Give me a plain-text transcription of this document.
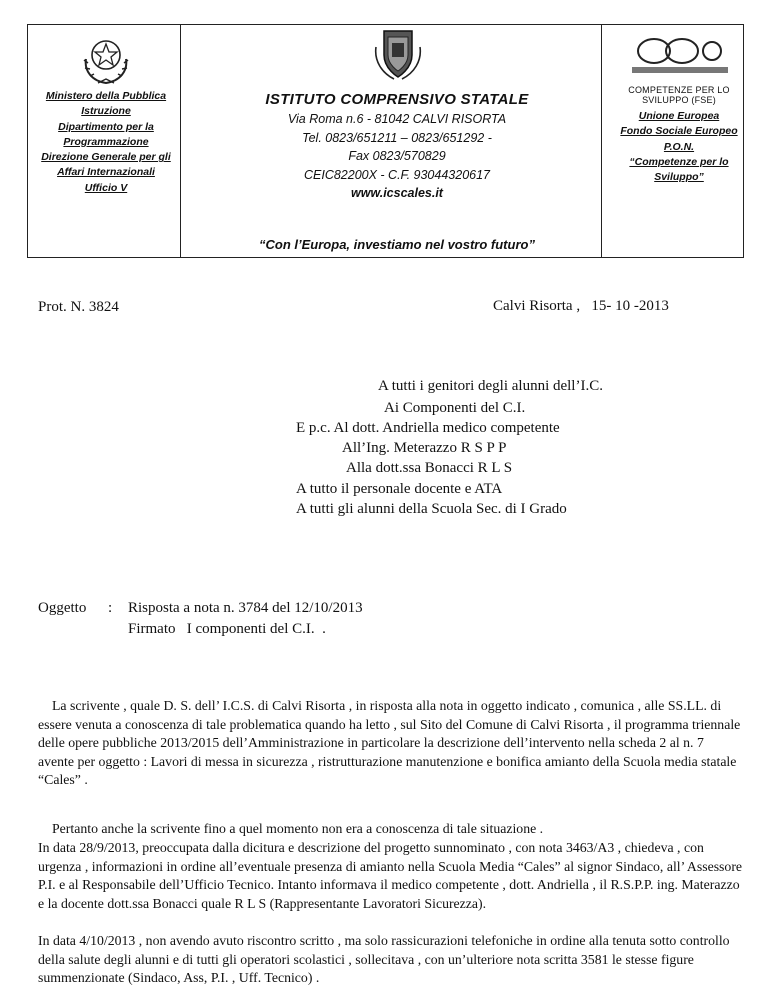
Ministero della Pubblica
Istruzione
Dipartimento per la
Programmazione
Direzione Generale per gli
Affari Internazionali
Ufficio V
ISTITUTO COMPRENSIVO STATALE
Via Roma n.6 - 81042 CALVI RISORTA
Tel. 0823/651211 – 0823/651292 -
Fax 0823/570829
CEIC82200X - C.F. 93044320617
www.icscales.it
“Con l’Europa, investiamo nel vostro futuro”
COMPETENZE PER LO SVILUPPO (FSE)
Unione Europea
Fondo Sociale Europeo
P.O.N.
“Competenze per lo
Sviluppo”
Prot. N. 3824	Calvi Risorta ,   15- 10 -2013
A tutti i genitori degli alunni dell’I.C.
Ai Componenti del C.I.
E p.c. Al dott. Andriella medico competente
All’Ing. Meterazzo R S P P
Alla dott.ssa Bonacci R L S
A tutto il personale docente e ATA
A tutti gli alunni della Scuola Sec. di I Grado
Oggetto : Risposta a nota n. 3784 del 12/10/2013
Firmato   I componenti del C.I.  .
La scrivente , quale D. S. dell’ I.C.S. di Calvi Risorta , in risposta alla nota in oggetto indicato , comunica , alle SS.LL. di essere venuta a conoscenza di tale problematica quando ha letto , sul Sito del Comune di Calvi Risorta , il programma triennale delle opere pubbliche 2013/2015 dell’Amministrazione in particolare la descrizione dell’intervento nella scheda 2 al n. 7 avente per oggetto : Lavori di messa in sicurezza , ristrutturazione manutenzione e bonifica amianto della Scuola media statale “Cales” .
Pertanto anche la scrivente fino a quel momento non era a conoscenza di tale situazione .
In data 28/9/2013, preoccupata dalla dicitura e descrizione del progetto sunnominato , con nota 3463/A3 , chiedeva , con urgenza , informazioni in ordine all’eventuale presenza di amianto nella Scuola Media “Cales” al signor Sindaco, all’ Assessore P.I. e al Responsabile dell’Ufficio Tecnico. Intanto informava il medico competente , dott. Andriella , il R.S.P.P. ing. Materazzo e la docente dott.ssa Bonacci quale R L S (Rappresentante Lavoratori Sicurezza).
In data 4/10/2013 , non avendo avuto riscontro scritto , ma solo rassicurazioni telefoniche in ordine alla tenuta sotto controllo della salute degli alunni e di tutti gli operatori scolastici , sollecitava , con un’ulteriore nota scritta 3581 le stesse figure summenzionate (Sindaco, Ass, P.I. , Uff. Tecnico) .
